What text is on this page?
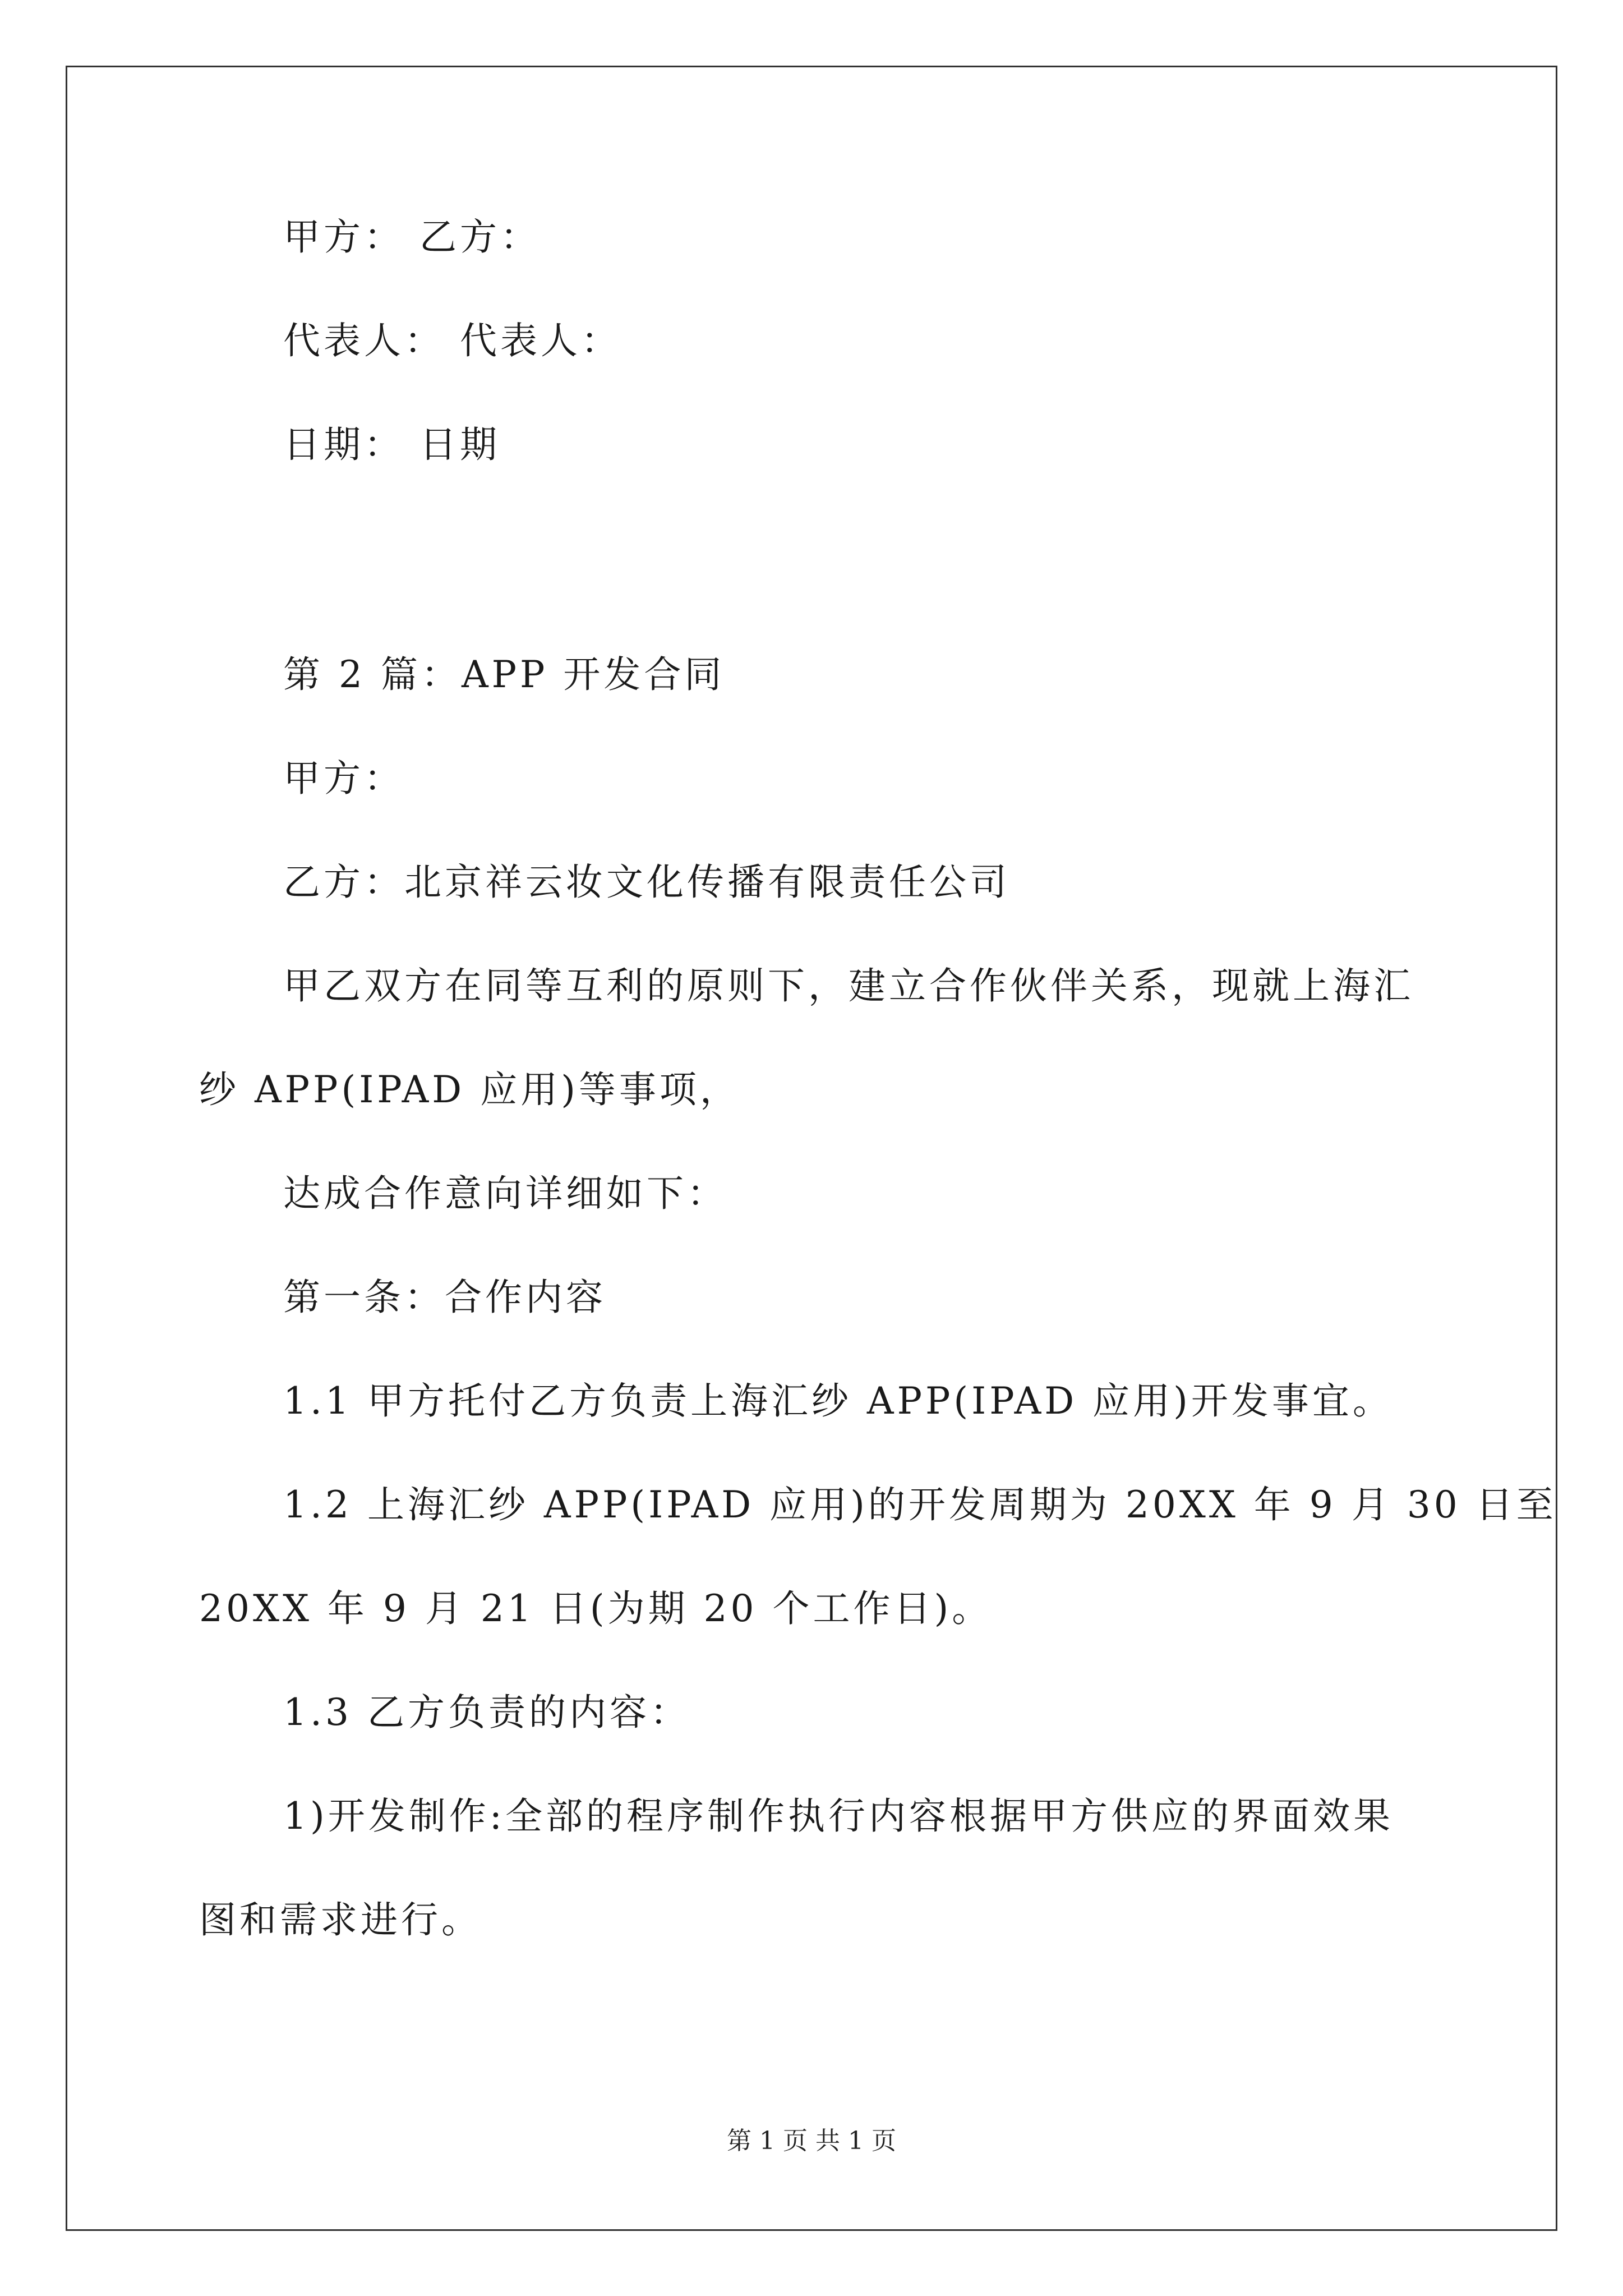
甲方： 乙方：
代表人： 代表人：
日期： 日期
第 2 篇：APP 开发合同
甲方：
乙方：北京祥云妆文化传播有限责任公司
甲乙双方在同等互利的原则下，建立合作伙伴关系，现就上海汇
纱 APP(IPAD 应用)等事项，
达成合作意向详细如下：
第一条：合作内容
1.1 甲方托付乙方负责上海汇纱 APP(IPAD 应用)开发事宜。
1.2 上海汇纱 APP(IPAD 应用)的开发周期为 20XX 年 9 月 30 日至
20XX 年 9 月 21 日(为期 20 个工作日)。
1.3 乙方负责的内容：
1)开发制作:全部的程序制作执行内容根据甲方供应的界面效果
图和需求进行。
第 1 页 共 1 页
